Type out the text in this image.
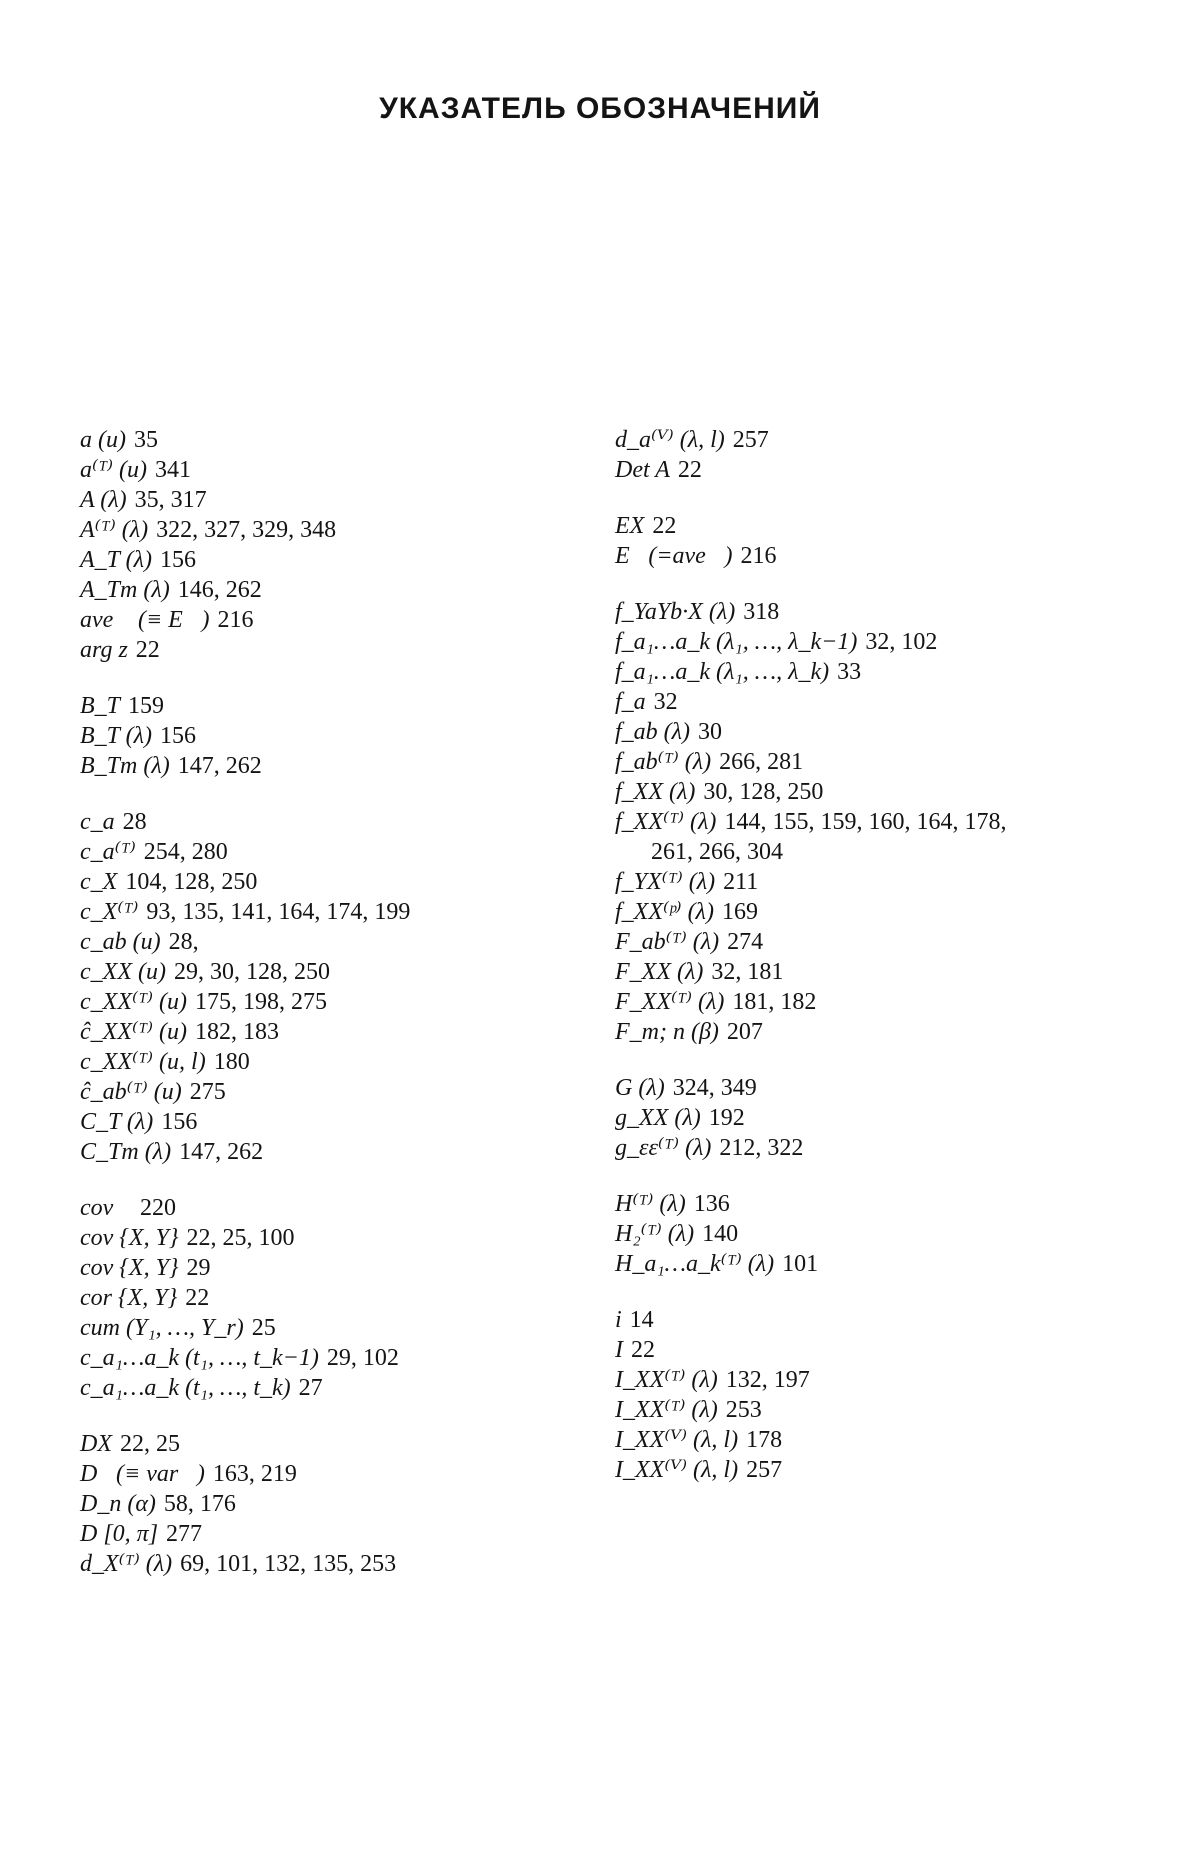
УКАЗАТЕЛЬ ОБОЗНАЧЕНИЙ
a (u) 35
a⁽ᵀ⁾ (u) 341
A (λ) 35, 317
A⁽ᵀ⁾ (λ) 322, 327, 329, 348
A_T (λ) 156
A_Tm (λ) 146, 262
ave⃗ (≡ E⃗) 216
arg z 22
B_T 159
B_T (λ) 156
B_Tm (λ) 147, 262
c_a 28
c_a⁽ᵀ⁾ 254, 280
c_X 104, 128, 250
c_X⁽ᵀ⁾ 93, 135, 141, 164, 174, 199
c_ab (u) 28,
c_XX (u) 29, 30, 128, 250
c_XX⁽ᵀ⁾ (u) 175, 198, 275
ĉ_XX⁽ᵀ⁾ (u) 182, 183
c_XX⁽ᵀ⁾ (u, l) 180
ĉ_ab⁽ᵀ⁾ (u) 275
C_T (λ) 156
C_Tm (λ) 147, 262
cov⃗ 220
cov {X, Y} 22, 25, 100
cov {X, Y} 29
cor {X, Y} 22
cum (Y₁, …, Y_r) 25
c_a₁…a_k (t₁, …, t_k−1) 29, 102
c_a₁…a_k (t₁, …, t_k) 27
DX 22, 25
D⃗(≡ var⃗) 163, 219
D_n (α) 58, 176
D [0, π] 277
d_X⁽ᵀ⁾ (λ) 69, 101, 132, 135, 253
d_a⁽ⱽ⁾ (λ, l) 257
Det A 22
EX 22
E⃗(=ave⃗) 216
f_YaYb·X (λ) 318
f_a₁…a_k (λ₁, …, λ_k−1) 32, 102
f_a₁…a_k (λ₁, …, λ_k) 33
f_a 32
f_ab (λ) 30
f_ab⁽ᵀ⁾ (λ) 266, 281
f_XX (λ) 30, 128, 250
f_XX⁽ᵀ⁾ (λ) 144, 155, 159, 160, 164, 178,
261, 266, 304
f_YX⁽ᵀ⁾ (λ) 211
f_XX⁽ᵖ⁾ (λ) 169
F_ab⁽ᵀ⁾ (λ) 274
F_XX (λ) 32, 181
F_XX⁽ᵀ⁾ (λ) 181, 182
F_m; n (β) 207
G (λ) 324, 349
g_XX (λ) 192
g_εε⁽ᵀ⁾ (λ) 212, 322
H⁽ᵀ⁾ (λ) 136
H₂⁽ᵀ⁾ (λ) 140
H_a₁…a_k⁽ᵀ⁾ (λ) 101
i 14
I 22
I_XX⁽ᵀ⁾ (λ) 132, 197
I_XX⁽ᵀ⁾ (λ) 253
I_XX⁽ⱽ⁾ (λ, l) 178
I_XX⁽ⱽ⁾ (λ, l) 257
